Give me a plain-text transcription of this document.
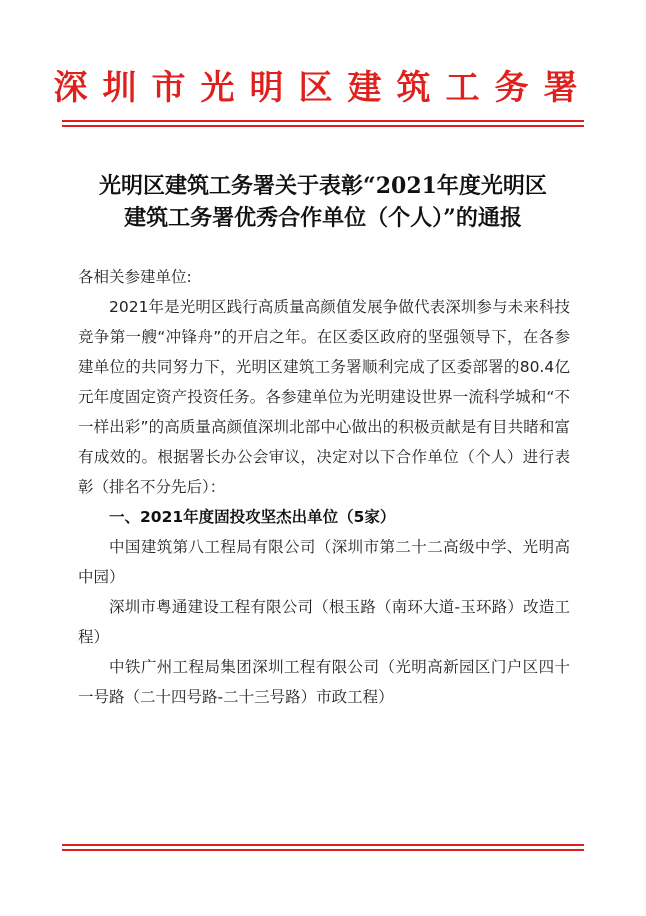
深圳市光明区建筑工务署
光明区建筑工务署关于表彰“2021年度光明区
建筑工务署优秀合作单位（个人）”的通报

各相关参建单位:

2021年是光明区践行高质量高颜值发展争做代表深圳参与未来科技竞争第一艘“冲锋舟”的开启之年。在区委区政府的坚强领导下，在各参建单位的共同努力下，光明区建筑工务署顺利完成了区委部署的80.4亿元年度固定资产投资任务。各参建单位为光明建设世界一流科学城和“不一样出彩”的高质量高颜值深圳北部中心做出的积极贡献是有目共睹和富有成效的。根据署长办公会审议，决定对以下合作单位（个人）进行表彰（排名不分先后）：

一、2021年度固投攻坚杰出单位（5家）

中国建筑第八工程局有限公司（深圳市第二十二高级中学、光明高中园）

深圳市粤通建设工程有限公司（根玉路（南环大道-玉环路）改造工程）

中铁广州工程局集团深圳工程有限公司（光明高新园区门户区四十一号路（二十四号路-二十三号路）市政工程）
